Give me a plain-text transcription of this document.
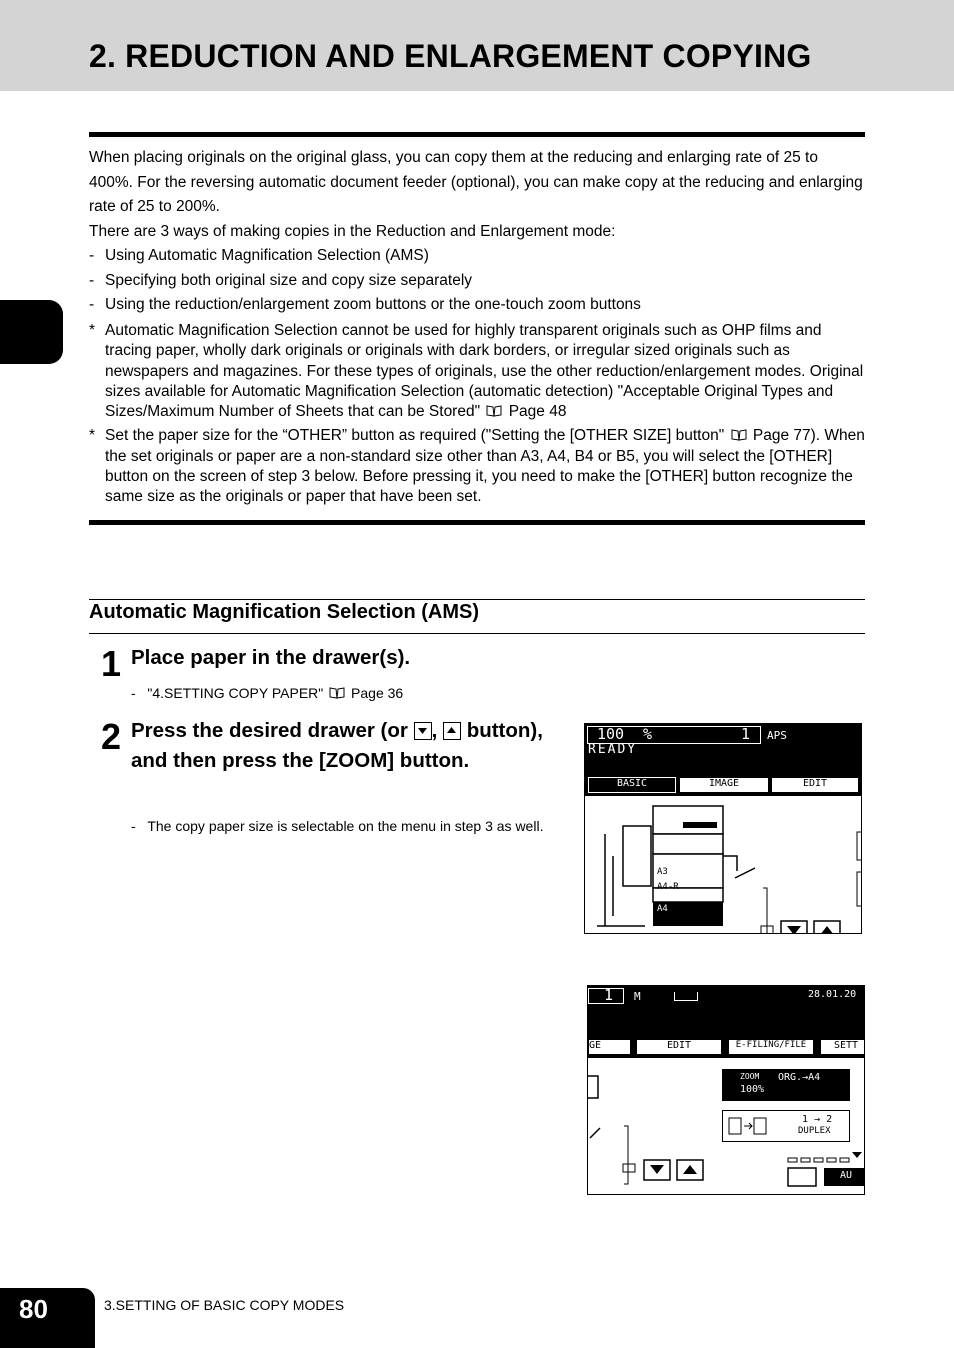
2. REDUCTION AND ENLARGEMENT COPYING

When placing originals on the original glass, you can copy them at the reducing and enlarging rate of 25 to 400%. For the reversing automatic document feeder (optional), you can make copy at the reducing and enlarging rate of 25 to 200%.

There are 3 ways of making copies in the Reduction and Enlargement mode:

- Using Automatic Magnification Selection (AMS)

- Specifying both original size and copy size separately

- Using the reduction/enlargement zoom buttons or the one-touch zoom buttons

* Automatic Magnification Selection cannot be used for highly transparent originals such as OHP films and tracing paper, wholly dark originals or originals with dark borders, or irregular sized originals such as newspapers and magazines. For these types of originals, use the other reduction/enlargement modes. Original sizes available for Automatic Magnification Selection (automatic detection) "Acceptable Original Types and Sizes/Maximum Number of Sheets that can be Stored" Page 48
* Set the paper size for the “OTHER” button as required ("Setting the [OTHER SIZE] button" Page 77). When the set originals or paper are a non-standard size other than A3, A4, B4 or B5, you will select the [OTHER] button on the screen of step 3 below. Before pressing it, you need to make the [OTHER] button recognize the same size as the originals or paper that have been set.
Automatic Magnification Selection (AMS)
1 Place paper in the drawer(s).
-   "4.SETTING COPY PAPER" Page 36
2 Press the desired drawer (or , button), and then press the [ZOOM] button.
-   The copy paper size is selectable on the menu in step 3 as well.
100 %	1 APS
READY
BASIC	IMAGE	EDIT
A3
A4-R
A4
1 M	28.01.20
GE	EDIT	E-FILING/FILE	SETT
ZOOM
100%
ORG.→A4
1 → 2
DUPLEX
AU
80	3.SETTING OF BASIC COPY MODES
